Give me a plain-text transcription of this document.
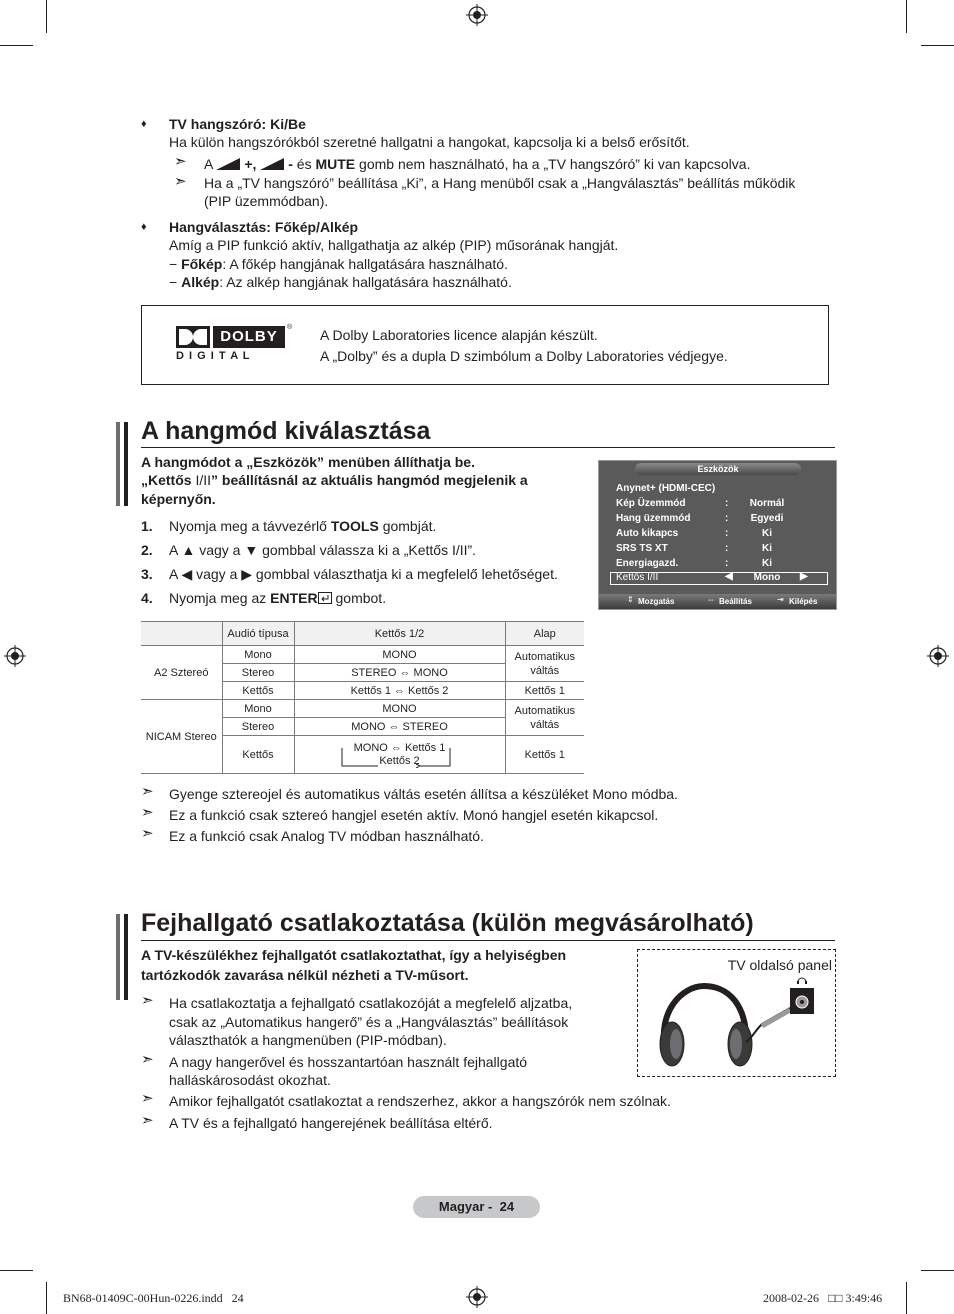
♦ TV hangszóró: Ki/Be
Ha külön hangszórókból szeretné hallgatni a hangokat, kapcsolja ki a belső erősítőt.
➣ A +, - és MUTE gomb nem használható, ha a „TV hangszóró” ki van kapcsolva.
➣ Ha a „TV hangszóró” beállítása „Ki”, a Hang menüből csak a „Hangválasztás” beállítás működik
(PIP üzemmódban).
♦ Hangválasztás: Főkép/Alkép
Amíg a PIP funkció aktív, hallgathatja az alkép (PIP) műsorának hangját.
− Főkép: A főkép hangjának hallgatására használható.
− Alkép: Az alkép hangjának hallgatására használható.
DOLBY
®
D I G I T A L
A Dolby Laboratories licence alapján készült.
A „Dolby” és a dupla D szimbólum a Dolby Laboratories védjegye.
A hangmód kiválasztása
A hangmódot a „Eszközök” menüben állíthatja be.
„Kettős I/II” beállításnál az aktuális hangmód megjelenik a
képernyőn.
1. Nyomja meg a távvezérlő TOOLS gombját.
2. A ▲ vagy a ▼ gombbal válassza ki a „Kettős I/II”.
3. A ◀ vagy a ▶ gombbal választhatja ki a megfelelő lehetőséget.
4. Nyomja meg az ENTER gombot.
Eszközök
Anynet+ (HDMI-CEC)
Kép Üzemmód	:	Normál
Hang üzemmód	:	Egyedi
Auto kikapcs	:	Ki
SRS TS XT	:	Ki
Energiagazd.	:	Ki
Kettős I/II	◀	Mono	▶
⇕ Mozgatás	⇔ Beállítás	⇥ Kilépés
	Audió típusa	Kettős 1/2	Alap
A2 Sztereó	Mono	MONO	Automatikus váltás
	Stereo	STEREO ⇔ MONO	
	Kettős	Kettős 1 ⇔ Kettős 2	Kettős 1
NICAM Stereo	Mono	MONO	Automatikus váltás
	Stereo	MONO ⇔ STEREO	
	Kettős	MONO ⇔ Kettős 1
Kettős 2	Kettős 1
➣ Gyenge sztereojel és automatikus váltás esetén állítsa a készüléket Mono módba.
➣ Ez a funkció csak sztereó hangjel esetén aktív. Monó hangjel esetén kikapcsol.
➣ Ez a funkció csak Analog TV módban használható.
Fejhallgató csatlakoztatása (külön megvásárolható)
A TV-készülékhez fejhallgatót csatlakoztathat, így a helyiségben
tartózkodók zavarása nélkül nézheti a TV-műsort.
➣ Ha csatlakoztatja a fejhallgató csatlakozóját a megfelelő aljzatba,
csak az „Automatikus hangerő” és a „Hangválasztás” beállítások
választhatók a hangmenüben (PIP-módban).
➣ A nagy hangerővel és hosszantartóan használt fejhallgató
halláskárosodást okozhat.
➣ Amikor fejhallgatót csatlakoztat a rendszerhez, akkor a hangszórók nem szólnak.
➣ A TV és a fejhallgató hangerejének beállítása eltérő.
TV oldalsó panel
Magyar -  24
BN68-01409C-00Hun-0226.indd   24	2008-02-26   □□ 3:49:46
